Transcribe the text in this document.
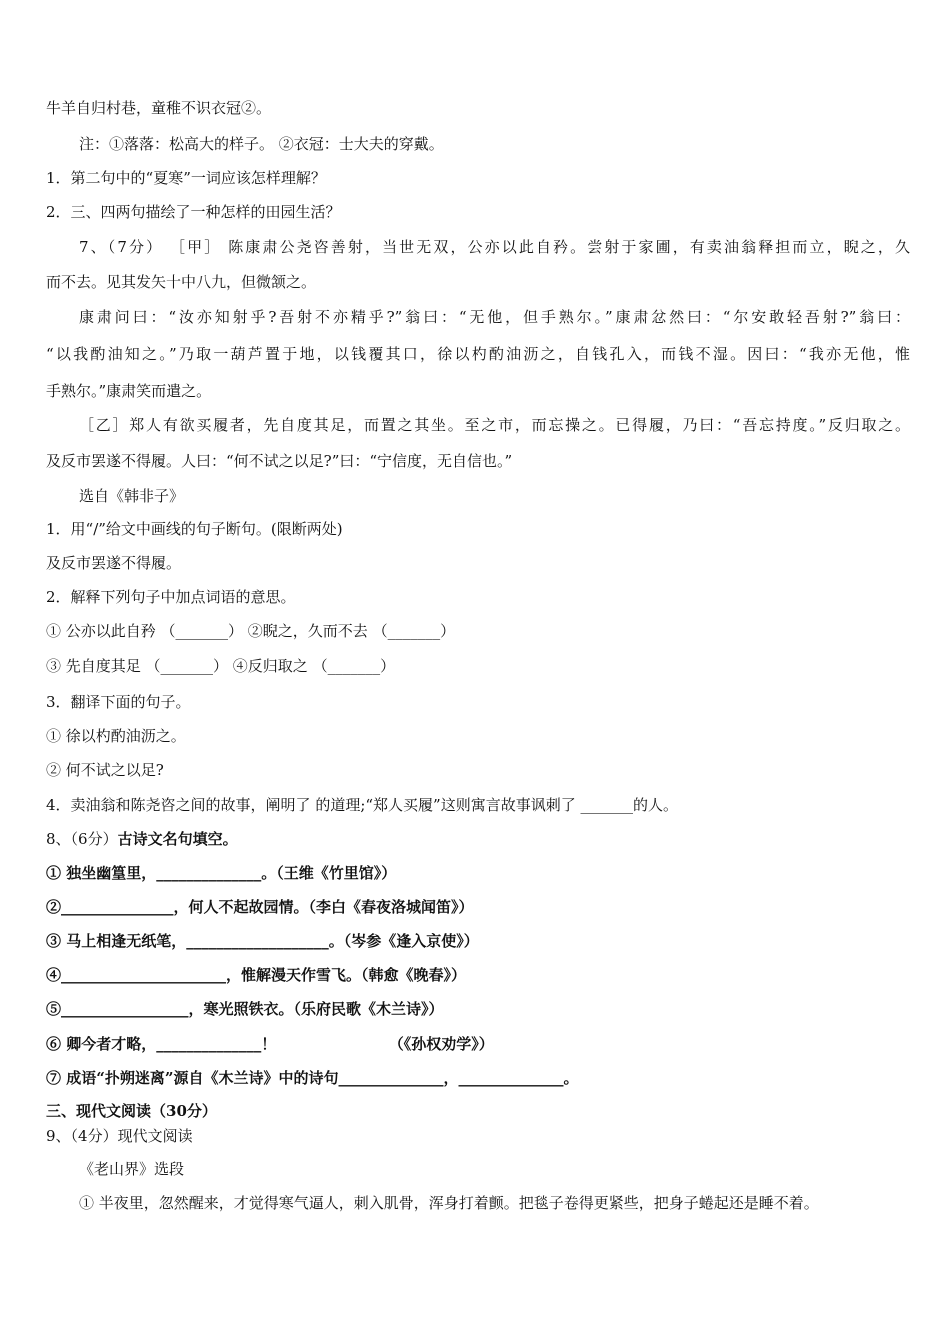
牛羊自归村巷，童稚不识衣冠②。
注：①落落：松高大的样子。 ②衣冠：士大夫的穿戴。
1．第二句中的“夏寒”一词应该怎样理解？
2．三、四两句描绘了一种怎样的田园生活？
7、（7分） ［甲］ 陈康肃公尧咨善射，当世无双，公亦以此自矜。尝射于家圃，有卖油翁释担而立，睨之，久
而不去。见其发矢十中八九，但微颔之。
康肃问曰：“汝亦知射乎?吾射不亦精乎?”翁曰：“无他，但手熟尔。”康肃忿然曰：“尔安敢轻吾射?”翁曰：
“以我酌油知之。”乃取一葫芦置于地，以钱覆其口，徐以杓酌油沥之，自钱孔入，而钱不湿。因曰：“我亦无他，惟
手熟尔。”康肃笑而遣之。
［乙］郑人有欲买履者，先自度其足，而置之其坐。至之市，而忘操之。已得履，乃曰：“吾忘持度。”反归取之。
及反市罢遂不得履。人曰：“何不试之以足?”曰：“宁信度，无自信也。”
选自《韩非子》
1．用“/”给文中画线的句子断句。(限断两处)
及反市罢遂不得履。
2．解释下列句子中加点词语的意思。
① 公亦以此自矜 （_______） ②睨之，久而不去 （_______）
③ 先自度其足 （_______） ④反归取之 （_______）
3．翻译下面的句子。
① 徐以杓酌油沥之。
② 何不试之以足?
4．卖油翁和陈尧咨之间的故事，阐明了 的道理;“郑人买履”这则寓言故事讽刺了 _______的人。
8、（6分）古诗文名句填空。
① 独坐幽篁里，______________。（王维《竹里馆》）
②_______________，何人不起故园情。（李白《春夜洛城闻笛》）
③ 马上相逢无纸笔，___________________。（岑参《逢入京使》）
④______________________，惟解漫天作雪飞。（韩愈《晚春》）
⑤_________________，寒光照铁衣。（乐府民歌《木兰诗》）
⑥ 卿今者才略，______________！　　　　　　　　（《孙权劝学》）
⑦ 成语“扑朔迷离”源自《木兰诗》中的诗句______________，______________。
三、现代文阅读（30分）
9、（4分）现代文阅读
《老山界》选段
① 半夜里，忽然醒来，才觉得寒气逼人，刺入肌骨，浑身打着颤。把毯子卷得更紧些，把身子蜷起还是睡不着。
